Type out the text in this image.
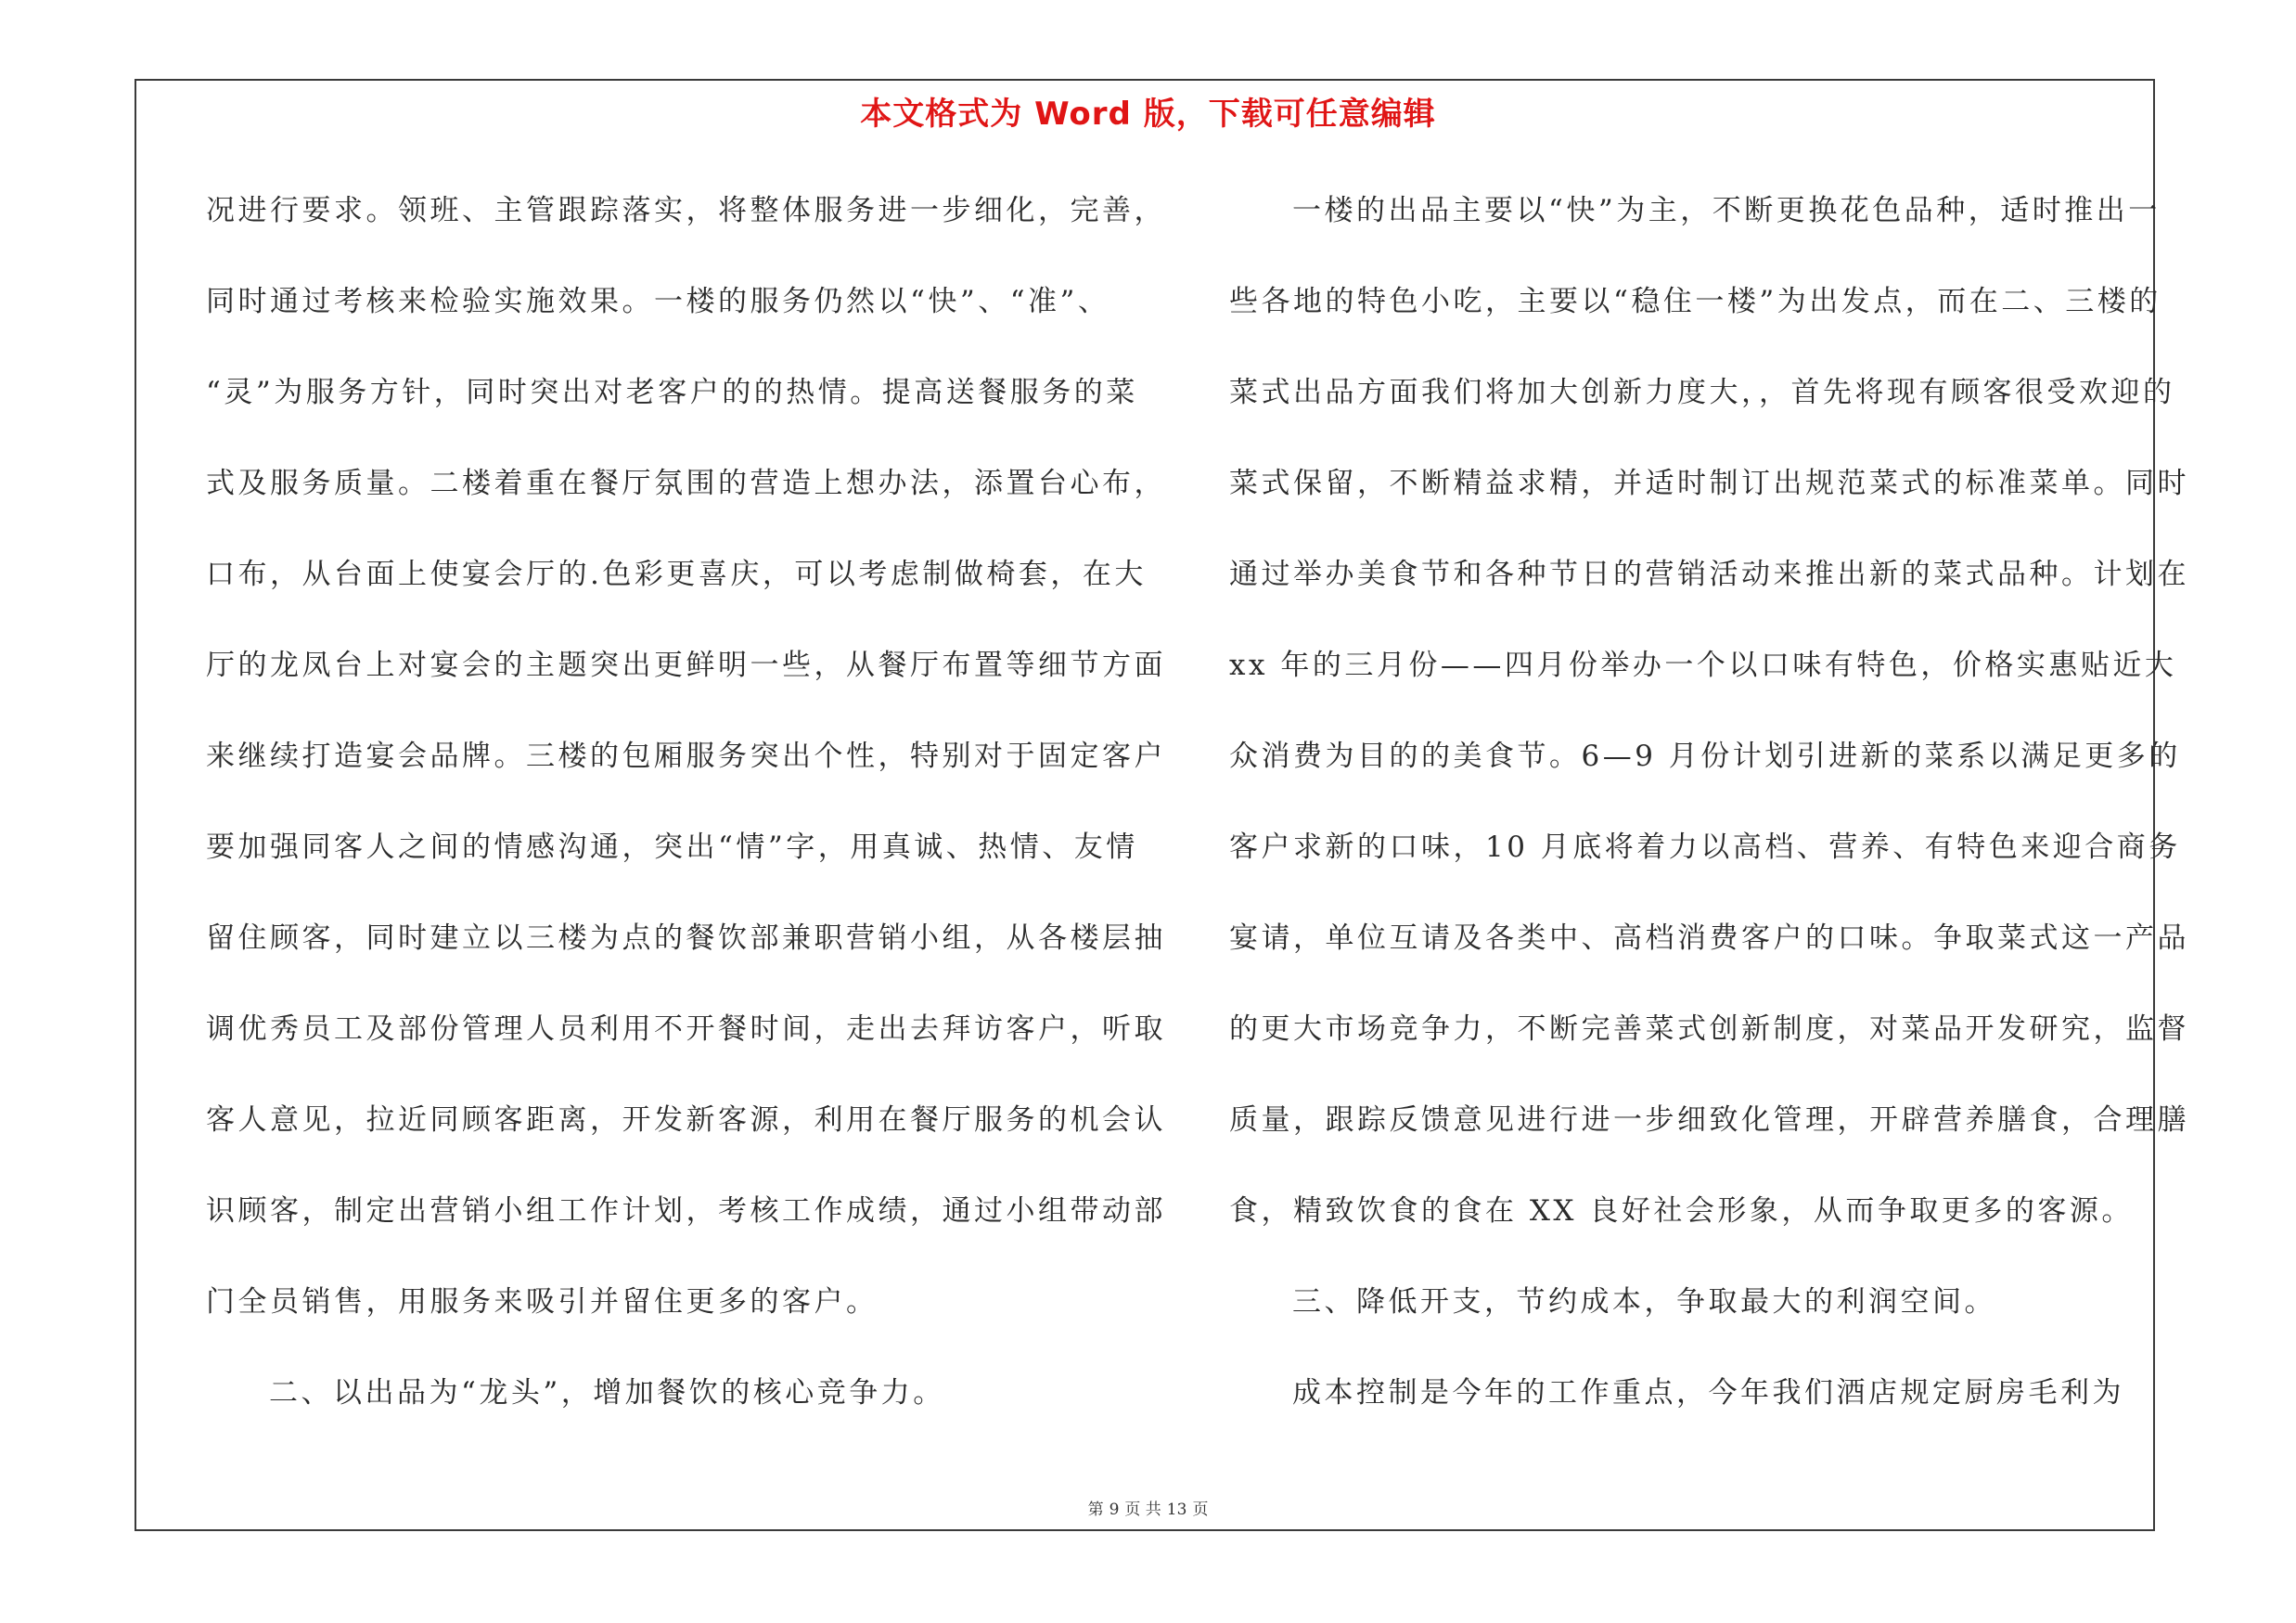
本文格式为 Word 版，下载可任意编辑
况进行要求。领班、主管跟踪落实，将整体服务进一步细化，完善，
同时通过考核来检验实施效果。一楼的服务仍然以“快”、“准”、
“灵”为服务方针，同时突出对老客户的的热情。提高送餐服务的菜
式及服务质量。二楼着重在餐厅氛围的营造上想办法，添置台心布，
口布，从台面上使宴会厅的.色彩更喜庆，可以考虑制做椅套，在大
厅的龙凤台上对宴会的主题突出更鲜明一些，从餐厅布置等细节方面
来继续打造宴会品牌。三楼的包厢服务突出个性，特别对于固定客户
要加强同客人之间的情感沟通，突出“情”字，用真诚、热情、友情
留住顾客，同时建立以三楼为点的餐饮部兼职营销小组，从各楼层抽
调优秀员工及部份管理人员利用不开餐时间，走出去拜访客户，听取
客人意见，拉近同顾客距离，开发新客源，利用在餐厅服务的机会认
识顾客，制定出营销小组工作计划，考核工作成绩，通过小组带动部
门全员销售，用服务来吸引并留住更多的客户。
二、以出品为“龙头”，增加餐饮的核心竞争力。
一楼的出品主要以“快”为主，不断更换花色品种，适时推出一
些各地的特色小吃，主要以“稳住一楼”为出发点，而在二、三楼的
菜式出品方面我们将加大创新力度大，，首先将现有顾客很受欢迎的
菜式保留，不断精益求精，并适时制订出规范菜式的标准菜单。同时
通过举办美食节和各种节日的营销活动来推出新的菜式品种。计划在
xx 年的三月份——四月份举办一个以口味有特色，价格实惠贴近大
众消费为目的的美食节。6—9 月份计划引进新的菜系以满足更多的
客户求新的口味，10 月底将着力以高档、营养、有特色来迎合商务
宴请，单位互请及各类中、高档消费客户的口味。争取菜式这一产品
的更大市场竞争力，不断完善菜式创新制度，对菜品开发研究，监督
质量，跟踪反馈意见进行进一步细致化管理，开辟营养膳食，合理膳
食，精致饮食的食在 XX 良好社会形象，从而争取更多的客源。
三、降低开支，节约成本，争取最大的利润空间。
成本控制是今年的工作重点，今年我们酒店规定厨房毛利为
第 9 页 共 13 页
